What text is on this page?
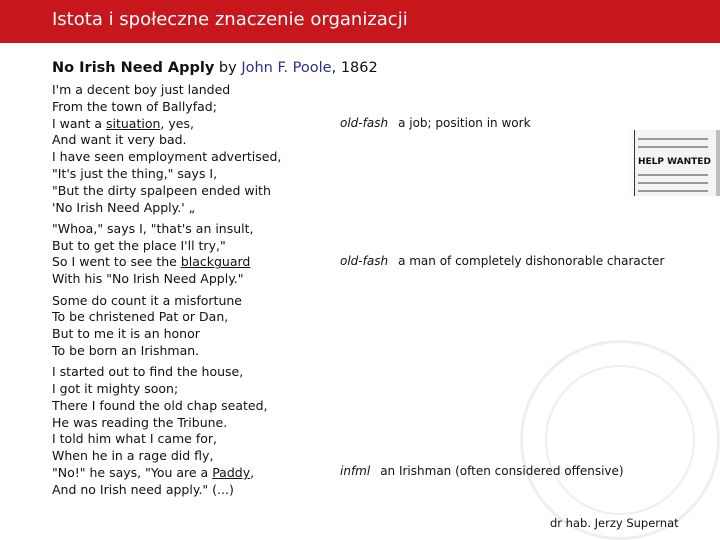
Istota i społeczne znaczenie organizacji
No Irish Need Apply by John F. Poole, 1862
I'm a decent boy just landed
From the town of Ballyfad;
I want a situation, yes,
And want it very bad.
I have seen employment advertised,
"It's just the thing," says I,
"But the dirty spalpeen ended with
'No Irish Need Apply.' „
"Whoa," says I, "that's an insult,
But to get the place I'll try,"
So I went to see the blackguard
With his "No Irish Need Apply."
Some do count it a misfortune
To be christened Pat or Dan,
But to me it is an honor
To be born an Irishman.
I started out to find the house,
I got it mighty soon;
There I found the old chap seated,
He was reading the Tribune.
I told him what I came for,
When he in a rage did fly,
"No!" he says, "You are a Paddy,
And no Irish need apply." (...)
old-fash a job; position in work
old-fash a man of completely dishonorable character
infml an Irishman (often considered offensive)
HELP WANTED
dr hab. Jerzy Supernat
